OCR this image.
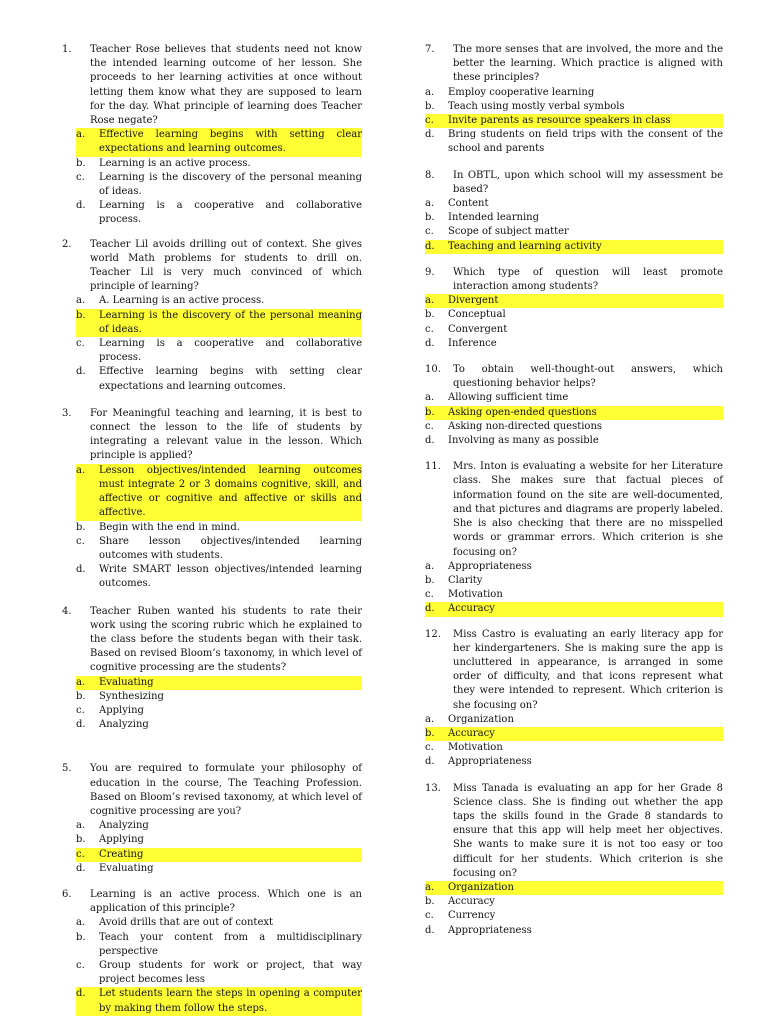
1.	Teacher Rose believes that students need not know the intended learning outcome of her lesson. She proceeds to her learning activities at once without letting them know what they are supposed to learn for the day. What principle of learning does Teacher Rose negate?
a.	Effective learning begins with setting clear expectations and learning outcomes.
b.	Learning is an active process.
c.	Learning is the discovery of the personal meaning of ideas.
d.	Learning is a cooperative and collaborative process.
2.	Teacher Lil avoids drilling out of context. She gives world Math problems for students to drill on. Teacher Lil is very much convinced of which principle of learning?
a.	A. Learning is an active process.
b.	Learning is the discovery of the personal meaning of ideas.
c.	Learning is a cooperative and collaborative process.
d.	Effective learning begins with setting clear expectations and learning outcomes.
3.	For Meaningful teaching and learning, it is best to connect the lesson to the life of students by integrating a relevant value in the lesson. Which principle is applied?
a.	Lesson objectives/intended learning outcomes must integrate 2 or 3 domains cognitive, skill, and affective or cognitive and affective or skills and affective.
b.	Begin with the end in mind.
c.	Share lesson objectives/intended learning outcomes with students.
d.	Write SMART lesson objectives/intended learning outcomes.
4.	Teacher Ruben wanted his students to rate their work using the scoring rubric which he explained to the class before the students began with their task. Based on revised Bloom’s taxonomy, in which level of cognitive processing are the students?
a.	Evaluating
b.	Synthesizing
c.	Applying
d.	Analyzing
5.	You are required to formulate your philosophy of education in the course, The Teaching Profession. Based on Bloom’s revised taxonomy, at which level of cognitive processing are you?
a.	Analyzing
b.	Applying
c.	Creating
d.	Evaluating
6.	Learning is an active process. Which one is an application of this principle?
a.	Avoid drills that are out of context
b.	Teach your content from a multidisciplinary perspective
c.	Group students for work or project, that way project becomes less
d.	Let students learn the steps in opening a computer by making them follow the steps.
7.	The more senses that are involved, the more and the better the learning. Which practice is aligned with these principles?
a.	Employ cooperative learning
b.	Teach using mostly verbal symbols
c.	Invite parents as resource speakers in class
d.	Bring students on field trips with the consent of the school and parents
8.	In OBTL, upon which school will my assessment be based?
a.	Content
b.	Intended learning
c.	Scope of subject matter
d.	Teaching and learning activity
9.	Which type of question will least promote interaction among students?
a.	Divergent
b.	Conceptual
c.	Convergent
d.	Inference
10.	To obtain well-thought-out answers, which questioning behavior helps?
a.	Allowing sufficient time
b.	Asking open-ended questions
c.	Asking non-directed questions
d.	Involving as many as possible
11.	Mrs. Inton is evaluating a website for her Literature class. She makes sure that factual pieces of information found on the site are well-documented, and that pictures and diagrams are properly labeled. She is also checking that there are no misspelled words or grammar errors. Which criterion is she focusing on?
a.	Appropriateness
b.	Clarity
c.	Motivation
d.	Accuracy
12.	Miss Castro is evaluating an early literacy app for her kindergarteners. She is making sure the app is uncluttered in appearance, is arranged in some order of difficulty, and that icons represent what they were intended to represent. Which criterion is she focusing on?
a.	Organization
b.	Accuracy
c.	Motivation
d.	Appropriateness
13.	Miss Tanada is evaluating an app for her Grade 8 Science class. She is finding out whether the app taps the skills found in the Grade 8 standards to ensure that this app will help meet her objectives. She wants to make sure it is not too easy or too difficult for her students. Which criterion is she focusing on?
a.	Organization
b.	Accuracy
c.	Currency
d.	Appropriateness
